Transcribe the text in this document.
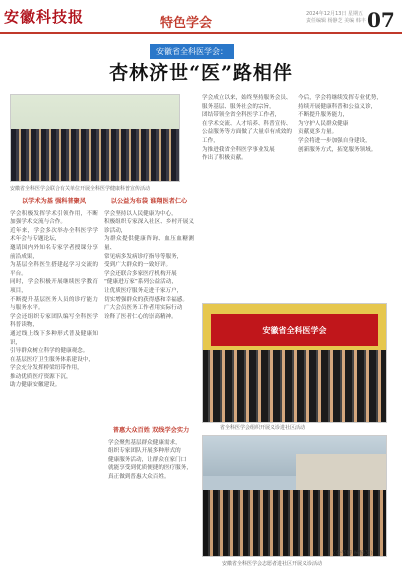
安徽科技报	特色学会
2024年12月13日 星期五
责任编辑 杨静芝 美编 韩丰 07
安徽省全科医学会：
杏林济世“医”路相伴
安徽省全科医学会联合有关单位开展全科医学健康科普宣传活动
以学术为基 强科普聚风
学会积极发挥学术引领作用，不断加强学术交流与合作。
近年来，学会多次举办全科医学学术年会与专题论坛，
邀请国内外知名专家学者授课分享前沿成果，
为基层全科医生搭建起学习交流的平台。
同时，学会积极开展继续医学教育项目，
不断提升基层医务人员的诊疗能力与服务水平。
学会还组织专家团队编写全科医学科普读物，
通过线上线下多种形式普及健康知识，
引导群众树立科学的健康观念。
在基层医疗卫生服务体系建设中，
学会充分发挥桥梁纽带作用，
推动优质医疗资源下沉，
助力健康安徽建设。
以公益为布袋 谁翔医者仁心
学会坚持以人民健康为中心，
积极组织专家深入社区、乡村开展义诊活动，
为群众提供健康咨询、血压血糖测量、
常见病多发病诊疗指导等服务，
受到广大群众的一致好评。
学会还联合多家医疗机构开展
“健康进万家”系列公益活动，
让优质医疗服务走进千家万户，
切实增强群众的获得感和幸福感。
广大会员医务工作者用实际行动
诠释了医者仁心的崇高精神。
学会成立以来，始终坚持服务会员、
服务基层、服务社会的宗旨，
团结带领全省全科医学工作者，
在学术交流、人才培养、科普宣传、
公益服务等方面做了大量卓有成效的工作，
为推进我省全科医学事业发展
作出了积极贡献。
今后，学会将继续发挥专业优势，
持续开展健康科普和公益义诊，
不断提升服务能力，
为守护人民群众健康
贡献更多力量。
学会将进一步加强自身建设，
创新服务方式，拓宽服务领域。
安徽省全科医学会
省全科医学会组织开展义诊进社区活动
普惠大众百姓 双线学会实力
学会聚焦基层群众健康需求，
组织专家团队开展多种形式的
健康服务活动，让群众在家门口
就能享受到优质便捷的医疗服务，
真正做到普惠大众百姓。
安徽省全科医学会志愿者进社区开展义诊活动
（金莹婷 杨静芝）
